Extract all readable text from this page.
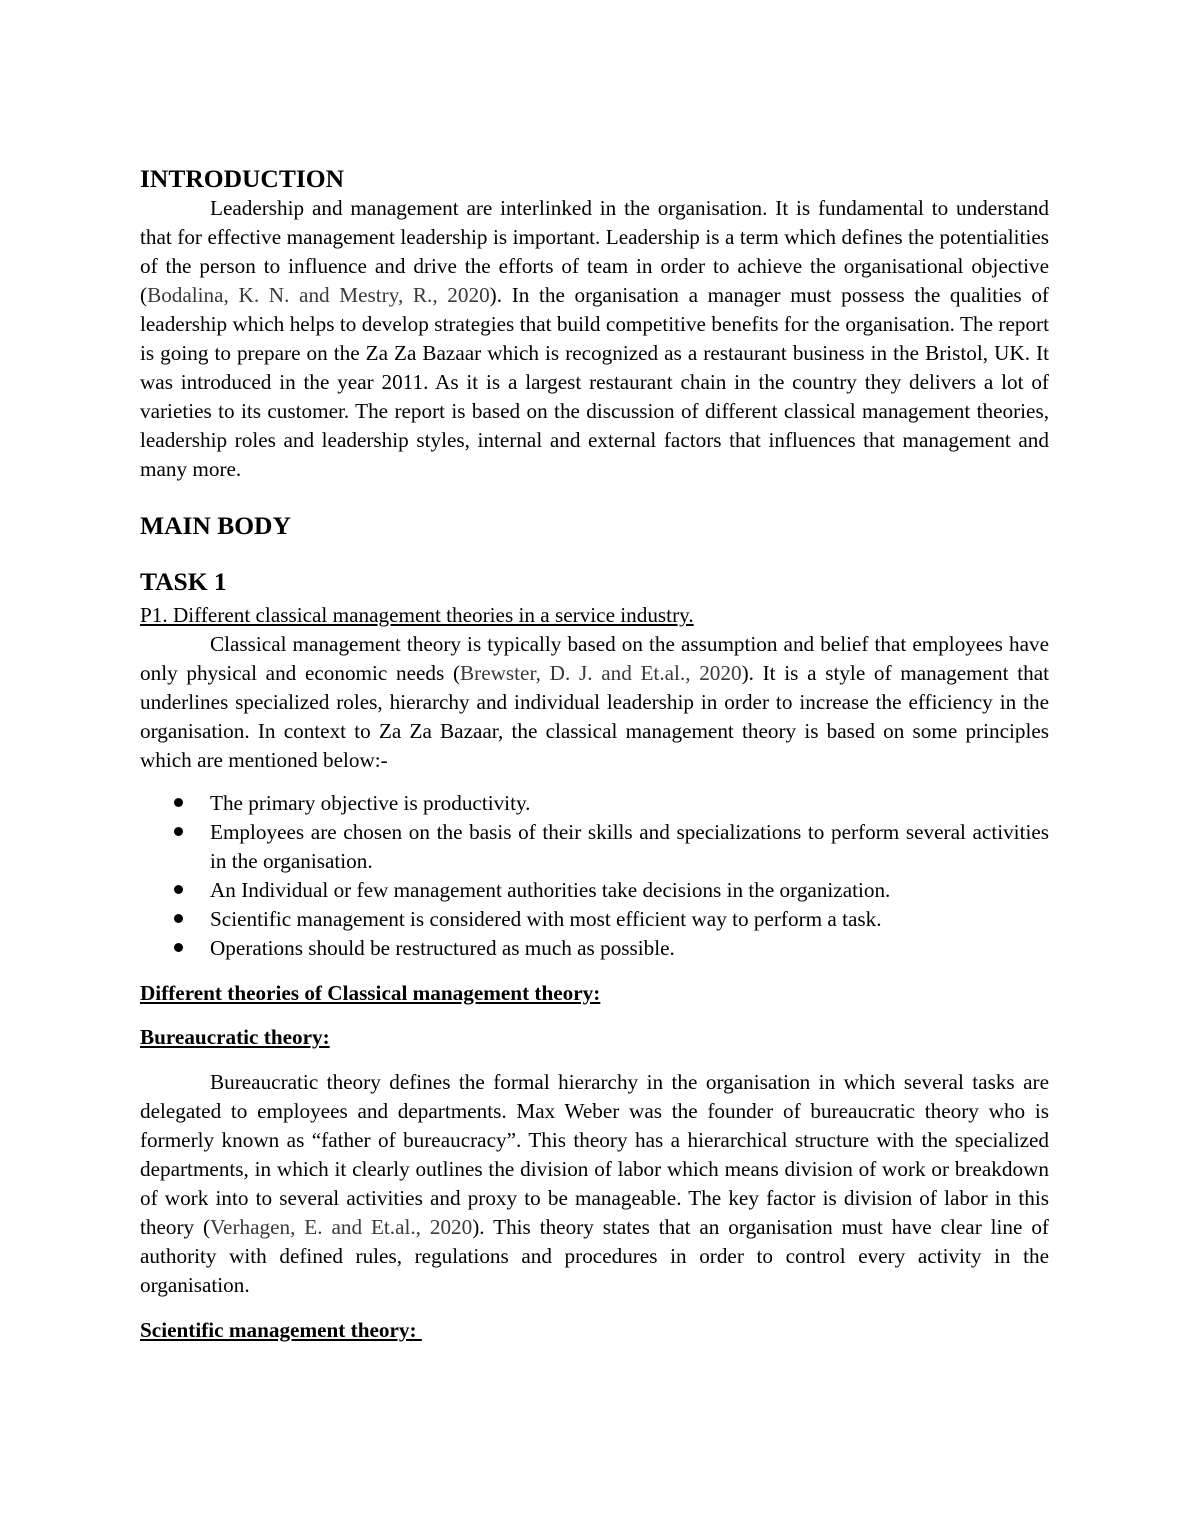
INTRODUCTION

Leadership and management are interlinked in the organisation. It is fundamental to understand that for effective management leadership is important. Leadership is a term which defines the potentialities of the person to influence and drive the efforts of team in order to achieve the organisational objective (Bodalina, K. N. and Mestry, R., 2020). In the organisation a manager must possess the qualities of leadership which helps to develop strategies that build competitive benefits for the organisation. The report is going to prepare on the Za Za Bazaar which is recognized as a restaurant business in the Bristol, UK. It was introduced in the year 2011. As it is a largest restaurant chain in the country they delivers a lot of varieties to its customer. The report is based on the discussion of different classical management theories, leadership roles and leadership styles, internal and external factors that influences that management and many more.

MAIN BODY
TASK 1

P1. Different classical management theories in a service industry.

Classical management theory is typically based on the assumption and belief that employees have only physical and economic needs (Brewster, D. J. and Et.al., 2020). It is a style of management that underlines specialized roles, hierarchy and individual leadership in order to increase the efficiency in the organisation. In context to Za Za Bazaar, the classical management theory is based on some principles which are mentioned below:-

The primary objective is productivity.
Employees are chosen on the basis of their skills and specializations to perform several activities in the organisation.
An Individual or few management authorities take decisions in the organization.
Scientific management is considered with most efficient way to perform a task.
Operations should be restructured as much as possible.

Different theories of Classical management theory:

Bureaucratic theory:

Bureaucratic theory defines the formal hierarchy in the organisation in which several tasks are delegated to employees and departments. Max Weber was the founder of bureaucratic theory who is formerly known as “father of bureaucracy”. This theory has a hierarchical structure with the specialized departments, in which it clearly outlines the division of labor which means division of work or breakdown of work into to several activities and proxy to be manageable. The key factor is division of labor in this theory (Verhagen, E. and Et.al., 2020). This theory states that an organisation must have clear line of authority with defined rules, regulations and procedures in order to control every activity in the organisation.

Scientific management theory:
